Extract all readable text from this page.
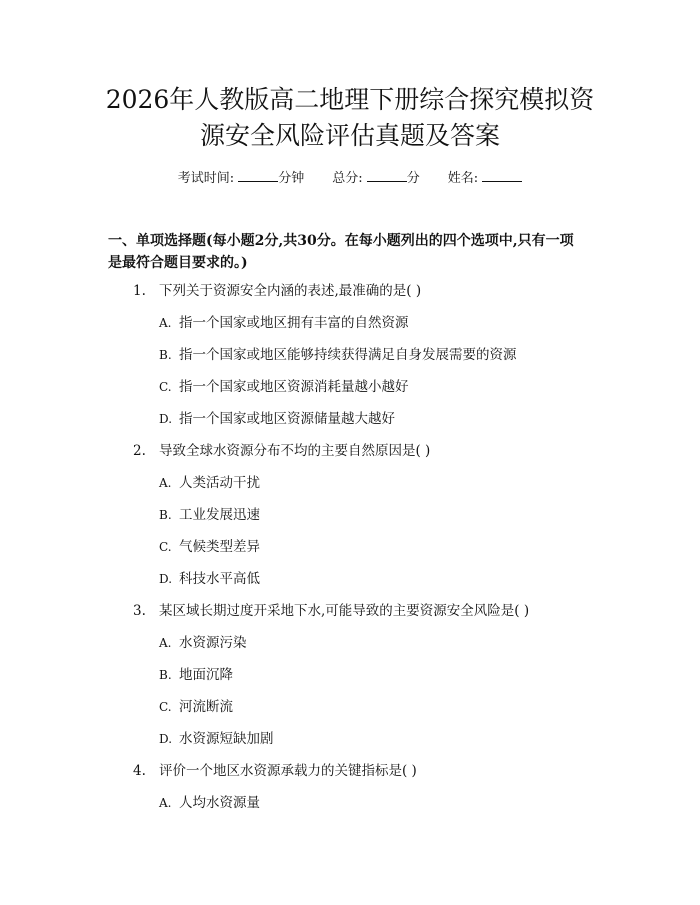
2026年人教版高二地理下册综合探究模拟资
源安全风险评估真题及答案
考试时间:	分钟 总分:	分 姓名:
一、单项选择题(每小题2分,共30分。在每小题列出的四个选项中,只有一项
是最符合题目要求的。)
1. 下列关于资源安全内涵的表述,最准确的是( )
A. 指一个国家或地区拥有丰富的自然资源
B. 指一个国家或地区能够持续获得满足自身发展需要的资源
C. 指一个国家或地区资源消耗量越小越好
D. 指一个国家或地区资源储量越大越好
2. 导致全球水资源分布不均的主要自然原因是( )
A. 人类活动干扰
B. 工业发展迅速
C. 气候类型差异
D. 科技水平高低
3. 某区域长期过度开采地下水,可能导致的主要资源安全风险是( )
A. 水资源污染
B. 地面沉降
C. 河流断流
D. 水资源短缺加剧
4. 评价一个地区水资源承载力的关键指标是( )
A. 人均水资源量
